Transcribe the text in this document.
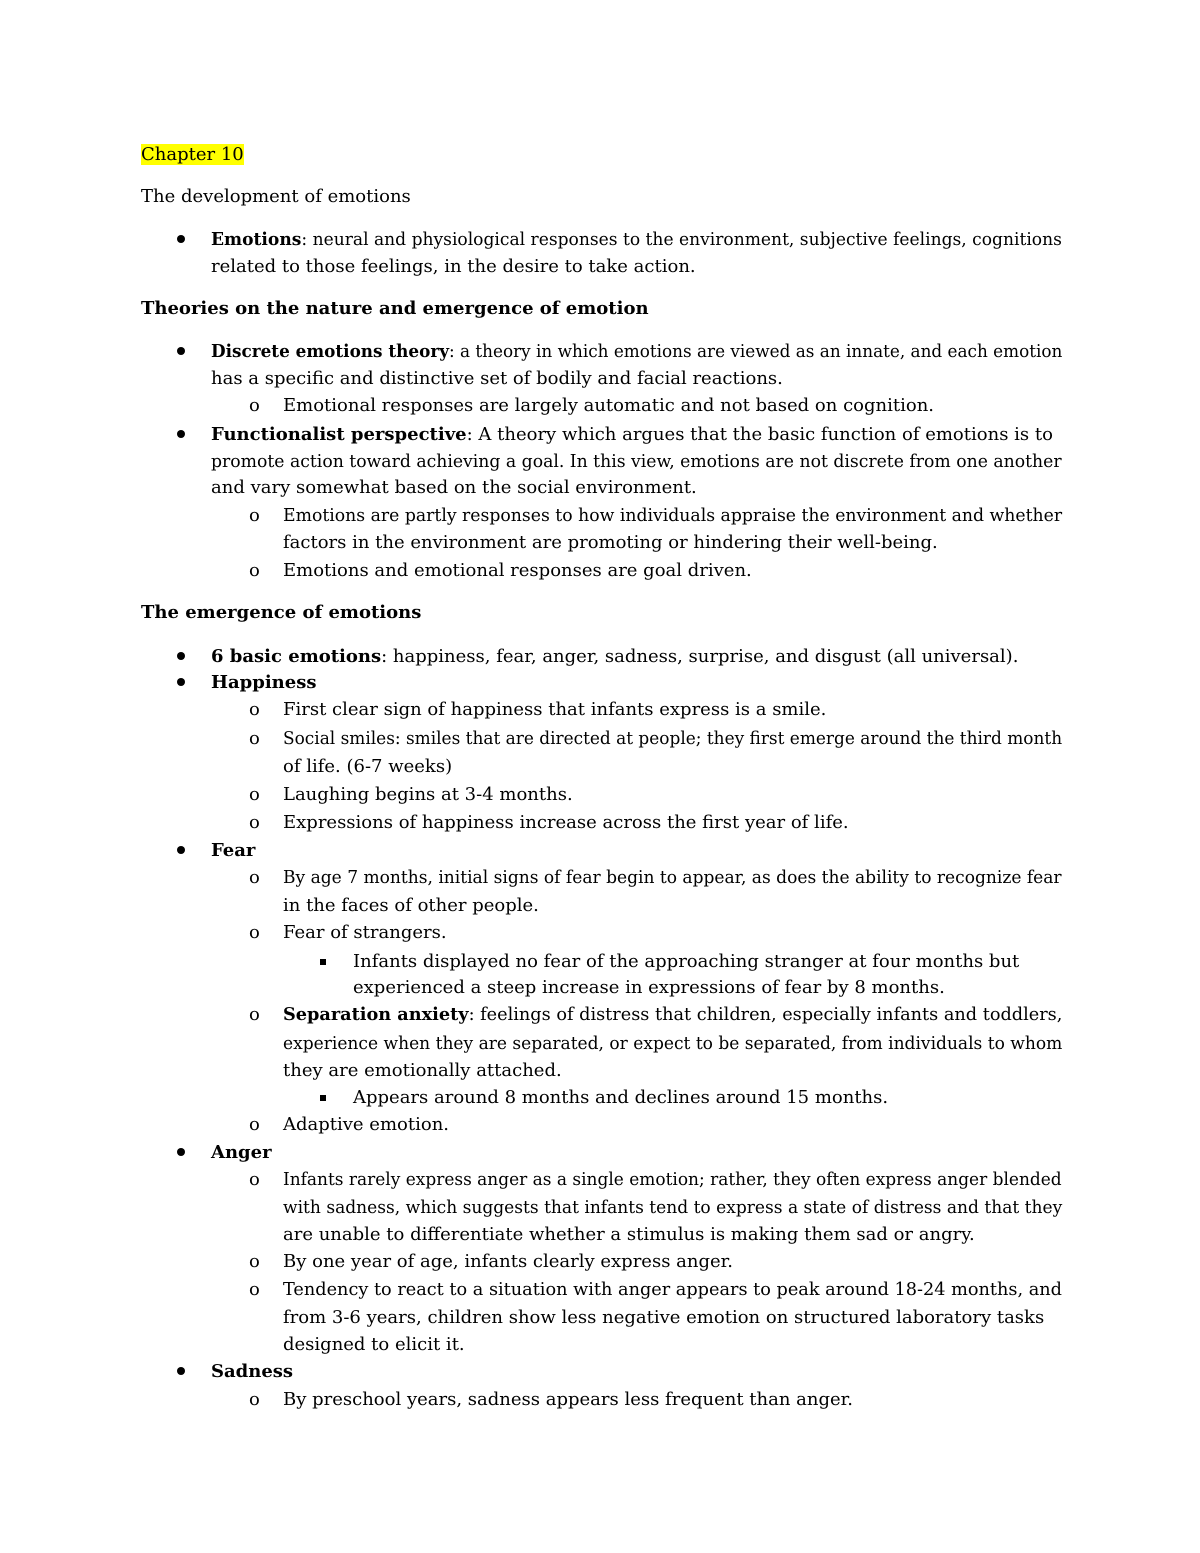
Chapter 10

The development of emotions

Emotions: neural and physiological responses to the environment, subjective feelings, cognitions

related to those feelings, in the desire to take action.

Theories on the nature and emergence of emotion

Discrete emotions theory: a theory in which emotions are viewed as an innate, and each emotion

has a specific and distinctive set of bodily and facial reactions.

o Emotional responses are largely automatic and not based on cognition.

Functionalist perspective: A theory which argues that the basic function of emotions is to

promote action toward achieving a goal. In this view, emotions are not discrete from one another

and vary somewhat based on the social environment.

o Emotions are partly responses to how individuals appraise the environment and whether

factors in the environment are promoting or hindering their well-being.

o Emotions and emotional responses are goal driven.

The emergence of emotions

6 basic emotions: happiness, fear, anger, sadness, surprise, and disgust (all universal).

Happiness

o First clear sign of happiness that infants express is a smile.

o Social smiles: smiles that are directed at people; they first emerge around the third month

of life. (6-7 weeks)

o Laughing begins at 3-4 months.

o Expressions of happiness increase across the first year of life.

Fear

o By age 7 months, initial signs of fear begin to appear, as does the ability to recognize fear

in the faces of other people.

o Fear of strangers.

Infants displayed no fear of the approaching stranger at four months but

experienced a steep increase in expressions of fear by 8 months.

o Separation anxiety: feelings of distress that children, especially infants and toddlers,

experience when they are separated, or expect to be separated, from individuals to whom

they are emotionally attached.

Appears around 8 months and declines around 15 months.

o Adaptive emotion.

Anger

o Infants rarely express anger as a single emotion; rather, they often express anger blended

with sadness, which suggests that infants tend to express a state of distress and that they

are unable to differentiate whether a stimulus is making them sad or angry.

o By one year of age, infants clearly express anger.

o Tendency to react to a situation with anger appears to peak around 18-24 months, and

from 3-6 years, children show less negative emotion on structured laboratory tasks

designed to elicit it.

Sadness

o By preschool years, sadness appears less frequent than anger.
